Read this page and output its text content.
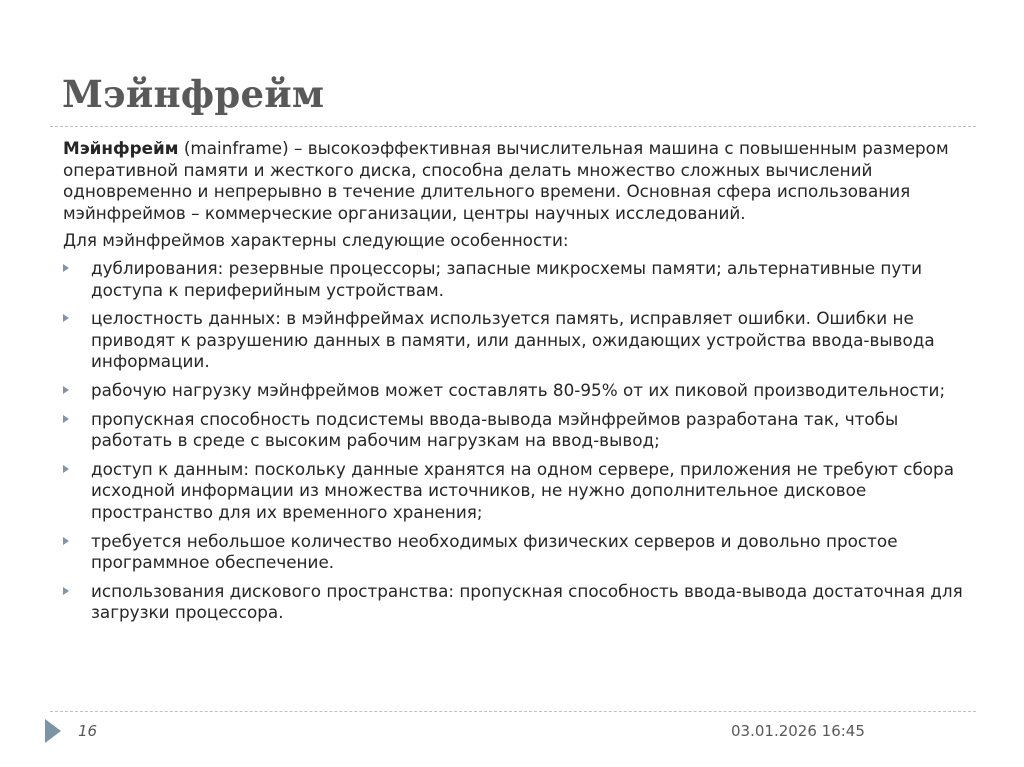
Мэйнфрейм

Мэйнфрейм (mainframe) – высокоэффективная вычислительная машина с повышенным размером оперативной памяти и жесткого диска, способна делать множество сложных вычислений одновременно и непрерывно в течение длительного времени. Основная сфера использования мэйнфреймов – коммерческие организации, центры научных исследований.

Для мэйнфреймов характерны следующие особенности:

дублирования: резервные процессоры; запасные микросхемы памяти; альтернативные пути доступа к периферийным устройствам.
целостность данных: в мэйнфреймах используется память, исправляет ошибки. Ошибки не приводят к разрушению данных в памяти, или данных, ожидающих устройства ввода-вывода информации.
рабочую нагрузку мэйнфреймов может составлять 80-95% от их пиковой производительности;
пропускная способность подсистемы ввода-вывода мэйнфреймов разработана так, чтобы работать в среде с высоким рабочим нагрузкам на ввод-вывод;
доступ к данным: поскольку данные хранятся на одном сервере, приложения не требуют сбора исходной информации из множества источников, не нужно дополнительное дисковое пространство для их временного хранения;
требуется небольшое количество необходимых физических серверов и довольно простое программное обеспечение.
использования дискового пространства: пропускная способность ввода-вывода достаточная для загрузки процессора.
16	03.01.2026 16:45
